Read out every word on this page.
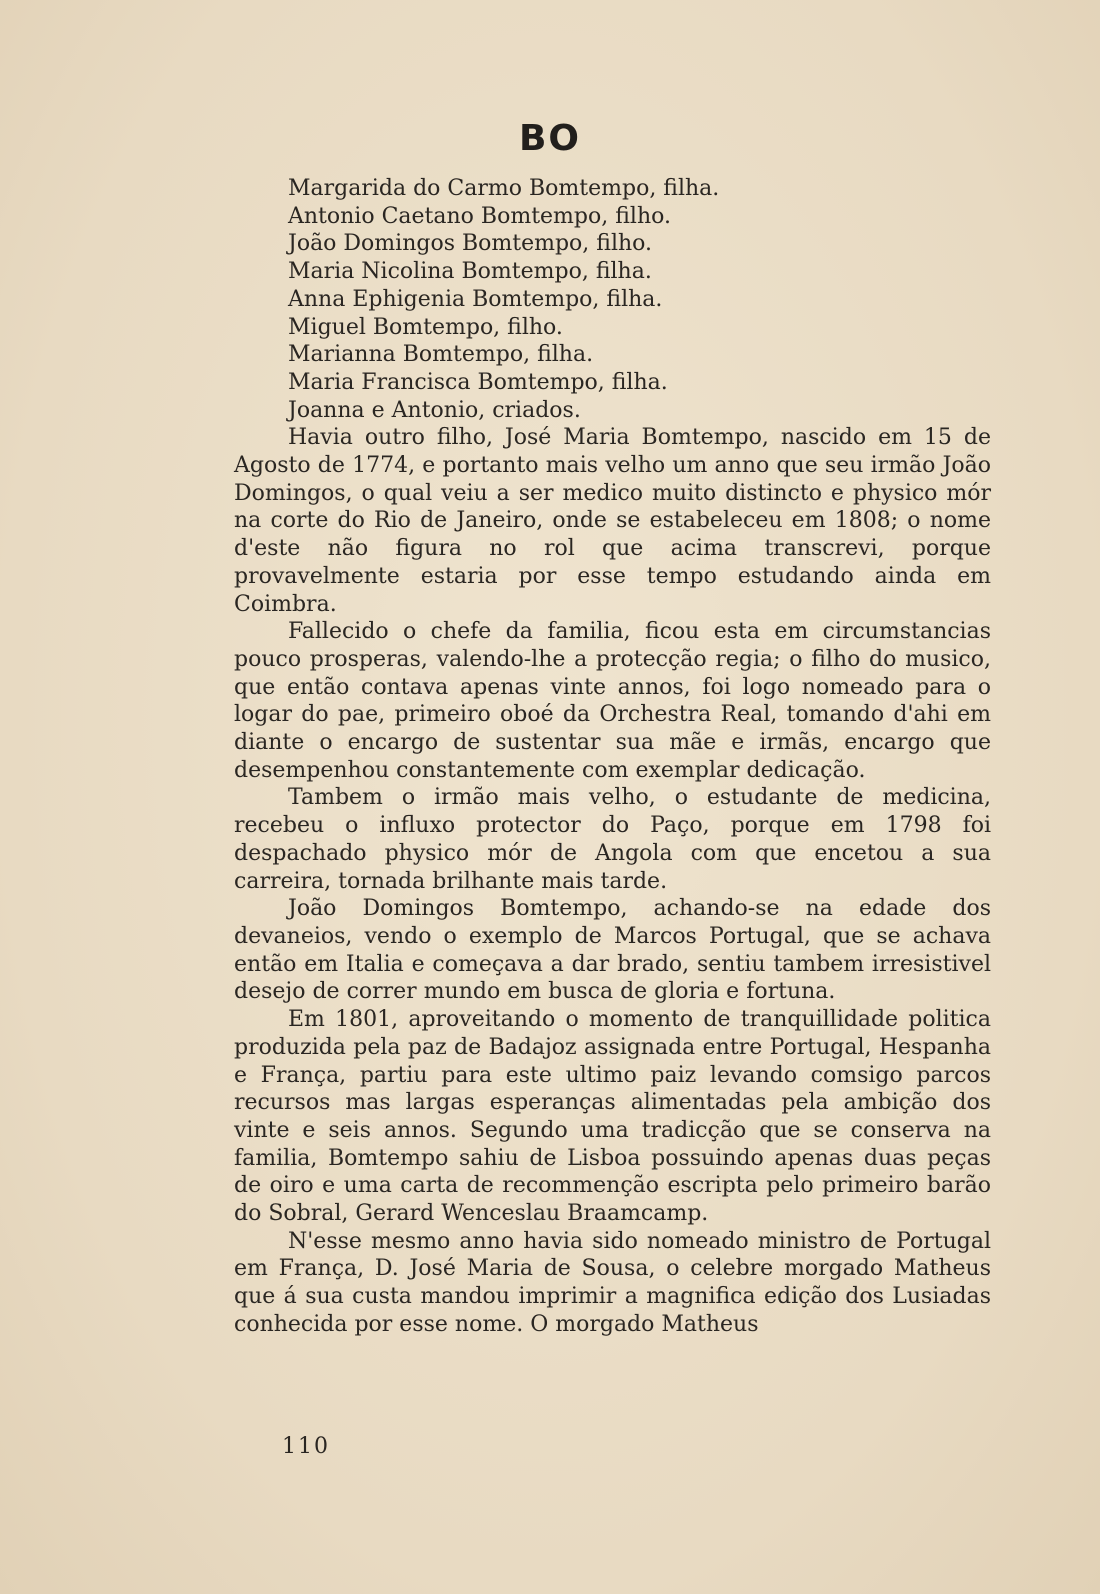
BO
Margarida do Carmo Bomtempo, filha.
Antonio Caetano Bomtempo, filho.
João Domingos Bomtempo, filho.
Maria Nicolina Bomtempo, filha.
Anna Ephigenia Bomtempo, filha.
Miguel Bomtempo, filho.
Marianna Bomtempo, filha.
Maria Francisca Bomtempo, filha.
Joanna e Antonio, criados.

Havia outro filho, José Maria Bomtempo, nascido em 15 de Agosto de 1774, e portanto mais velho um anno que seu irmão João Domingos, o qual veiu a ser medico muito distincto e physico mór na corte do Rio de Janeiro, onde se estabeleceu em 1808; o nome d'este não figura no rol que acima transcrevi, porque provavelmente estaria por esse tempo estudando ainda em Coimbra.

Fallecido o chefe da familia, ficou esta em circumstancias pouco prosperas, valendo-lhe a protecção regia; o filho do musico, que então contava apenas vinte annos, foi logo nomeado para o logar do pae, primeiro oboé da Orchestra Real, tomando d'ahi em diante o encargo de sustentar sua mãe e irmãs, encargo que desempenhou constantemente com exemplar dedicação.

Tambem o irmão mais velho, o estudante de medicina, recebeu o influxo protector do Paço, porque em 1798 foi despachado physico mór de Angola com que encetou a sua carreira, tornada brilhante mais tarde.

João Domingos Bomtempo, achando-se na edade dos devaneios, vendo o exemplo de Marcos Portugal, que se achava então em Italia e começava a dar brado, sentiu tambem irresistivel desejo de correr mundo em busca de gloria e fortuna.

Em 1801, aproveitando o momento de tranquillidade politica produzida pela paz de Badajoz assignada entre Portugal, Hespanha e França, partiu para este ultimo paiz levando comsigo parcos recursos mas largas esperanças alimentadas pela ambição dos vinte e seis annos. Segundo uma tradicção que se conserva na familia, Bomtempo sahiu de Lisboa possuindo apenas duas peças de oiro e uma carta de recommenção escripta pelo primeiro barão do Sobral, Gerard Wenceslau Braamcamp.

N'esse mesmo anno havia sido nomeado ministro de Portugal em França, D. José Maria de Sousa, o celebre morgado Matheus que á sua custa mandou imprimir a magnifica edição dos Lusiadas conhecida por esse nome. O morgado Matheus

110
